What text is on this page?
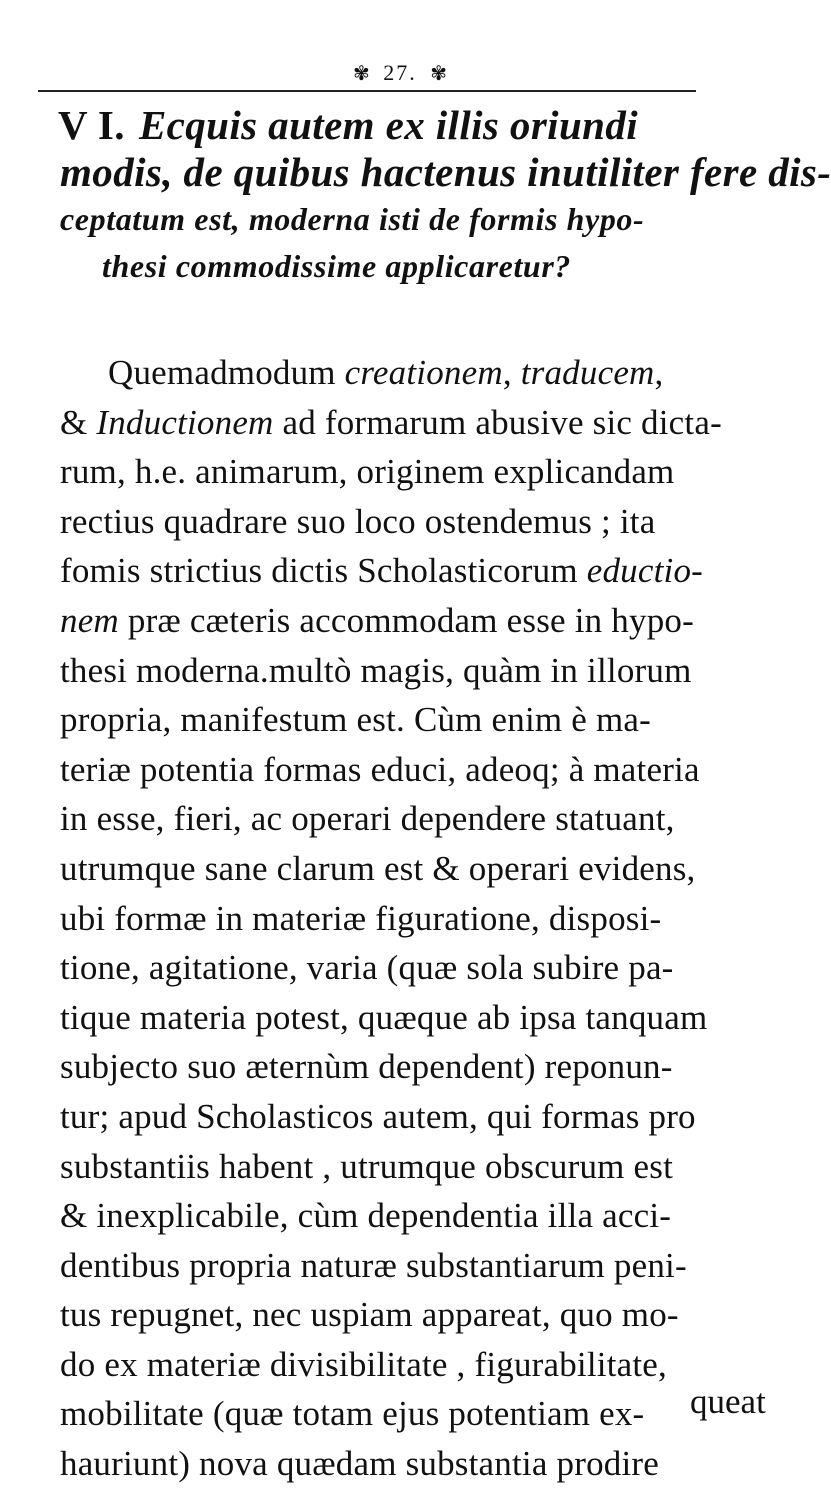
✾ 27. ✾
V I. Ecquis autem ex illis oriundi
modis, de quibus hactenus inutiliter fere dis-
ceptatum est, moderna isti de formis hypo-
thesi commodissime applicaretur?
Quemadmodum creationem, traducem,
& Inductionem ad formarum abusive sic dicta-
rum, h.e. animarum, originem explicandam
rectius quadrare suo loco ostendemus ; ita
fomis strictius dictis Scholasticorum eductio-
nem præ cæteris accommodam esse in hypo-
thesi moderna.multò magis, quàm in illorum
propria, manifestum est. Cùm enim è ma-
teriæ potentia formas educi, adeoq; à materia
in esse, fieri, ac operari dependere statuant,
utrumque sane clarum est & operari evidens,
ubi formæ in materiæ figuratione, disposi-
tione, agitatione, varia (quæ sola subire pa-
tique materia potest, quæque ab ipsa tanquam
subjecto suo æternùm dependent) reponun-
tur; apud Scholasticos autem, qui formas pro
substantiis habent , utrumque obscurum est
& inexplicabile, cùm dependentia illa acci-
dentibus propria naturæ substantiarum peni-
tus repugnet, nec uspiam appareat, quo mo-
do ex materiæ divisibilitate , figurabilitate,
mobilitate (quæ totam ejus potentiam ex-
hauriunt) nova quædam substantia prodire
queat
